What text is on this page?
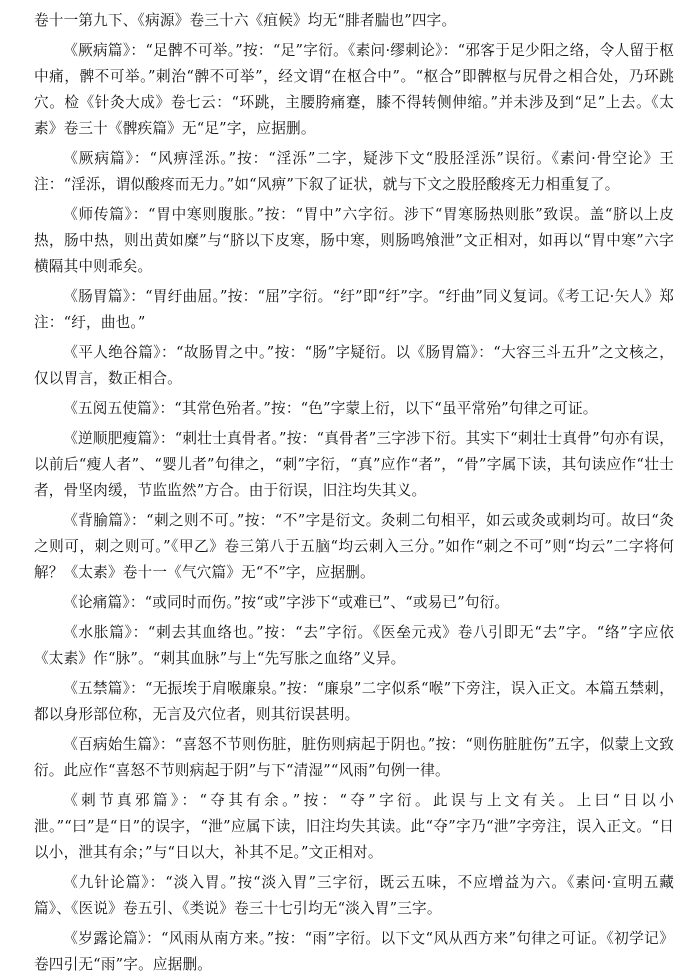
卷十一第九下、《病源》卷三十六《疽候》均无“腓者腨也”四字。

《厥病篇》：“足髀不可举。”按：“足”字衍。《素问·缪刺论》：“邪客于足少阳之络，令人留于枢中痛，髀不可举。”刺治“髀不可举”，经文谓“在枢合中”。“枢合”即髀枢与尻骨之相合处，乃环跳穴。检《针灸大成》卷七云：“环跳，主腰胯痛蹇，膝不得转侧伸缩。”并未涉及到“足”上去。《太素》卷三十《髀疾篇》无“足”字，应据删。

《厥病篇》：“风痹淫泺。”按：“淫泺”二字，疑涉下文“股胫淫泺”误衍。《素问·骨空论》王注：“淫泺，谓似酸疼而无力。”如“风痹”下叙了证状，就与下文之股胫酸疼无力相重复了。

《师传篇》：“胃中寒则腹胀。”按：“胃中”六字衍。涉下“胃寒肠热则胀”致误。盖“脐以上皮热，肠中热，则出黄如糜”与“脐以下皮寒，肠中寒，则肠鸣飧泄”文正相对，如再以“胃中寒”六字横隔其中则乖矣。

《肠胃篇》：“胃纡曲屈。”按：“屈”字衍。“纡”即“纡”字。“纡曲”同义复词。《考工记·矢人》郑注：“纡，曲也。”

《平人绝谷篇》：“故肠胃之中。”按：“肠”字疑衍。以《肠胃篇》：“大容三斗五升”之文核之，仅以胃言，数正相合。

《五阅五使篇》：“其常色殆者。”按：“色”字蒙上衍，以下“虽平常殆”句律之可证。

《逆顺肥瘦篇》：“刺壮士真骨者。”按：“真骨者”三字涉下衍。其实下“刺壮士真骨”句亦有误，以前后“瘦人者”、“婴儿者”句律之，“刺”字衍，“真”应作“者”，“骨”字属下读，其句读应作“壮士者，骨坚肉缓，节监监然”方合。由于衍误，旧注均失其义。

《背腧篇》：“刺之则不可。”按：“不”字是衍文。灸刺二句相平，如云或灸或刺均可。故曰“灸之则可，刺之则可。”《甲乙》卷三第八于五脑“均云刺入三分。”如作“刺之不可”则“均云”二字将何解？《太素》卷十一《气穴篇》无“不”字，应据删。

《论痛篇》：“或同时而伤。”按“或”字涉下“或难已”、“或易已”句衍。

《水胀篇》：“刺去其血络也。”按：“去”字衍。《医垒元戎》卷八引即无“去”字。“络”字应依《太素》作“脉”。“刺其血脉”与上“先写胀之血络”义异。

《五禁篇》：“无振埃于肩喉廉泉。”按：“廉泉”二字似系“喉”下旁注，误入正文。本篇五禁刺，都以身形部位称，无言及穴位者，则其衍误甚明。

《百病始生篇》：“喜怒不节则伤脏，脏伤则病起于阴也。”按：“则伤脏脏伤”五字，似蒙上文致衍。此应作“喜怒不节则病起于阴”与下“清湿”“风雨”句例一律。

《刺节真邪篇》：“夺其有余。”按：“夺”字衍。此误与上文有关。上曰“日以小泄。”“曰”是“日”的误字，“泄”应属下读，旧注均失其读。此“夺”字乃“泄”字旁注，误入正文。“日以小，泄其有余；”与“日以大，补其不足。”文正相对。

《九针论篇》：“淡入胃。”按“淡入胃”三字衍，既云五味，不应增益为六。《素问·宣明五藏篇》、《医说》卷五引、《类说》卷三十七引均无“淡入胃”三字。

《岁露论篇》：“风雨从南方来。”按：“雨”字衍。以下文“风从西方来”句律之可证。《初学记》卷四引无“雨”字。应据删。
